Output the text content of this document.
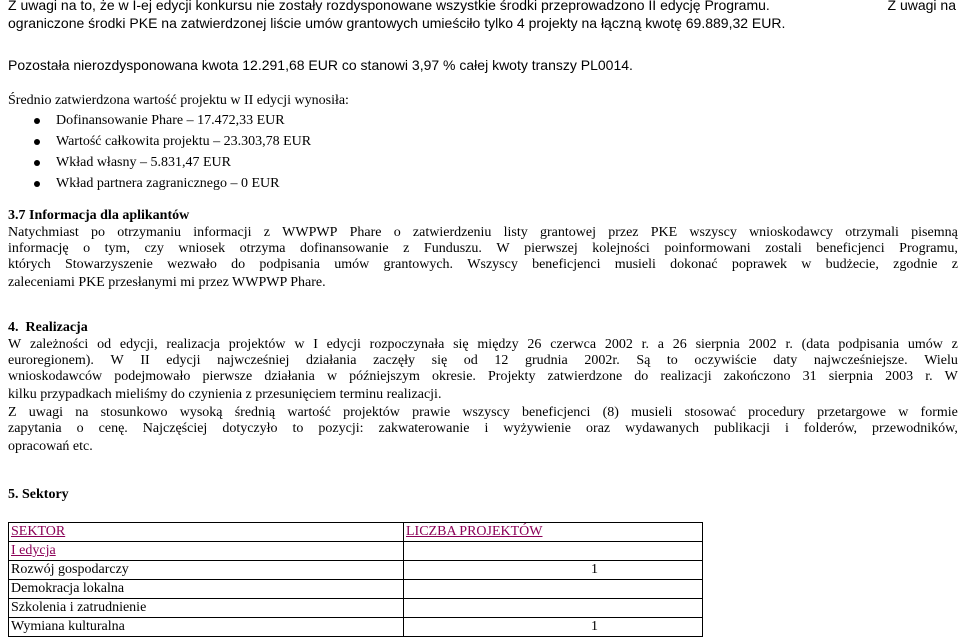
Z uwagi na to, że w I-ej edycji konkursu nie zostały rozdysponowane wszystkie środki przeprowadzono II edycję Programu.	Z uwagi na
ograniczone środki PKE na zatwierdzonej liście umów grantowych umieściło tylko 4 projekty na łączną kwotę 69.889,32 EUR.
Pozostała nierozdysponowana kwota 12.291,68 EUR co stanowi 3,97 % całej kwoty transzy PL0014.
Średnio zatwierdzona wartość projektu w II edycji wynosiła:
Dofinansowanie Phare – 17.472,33 EUR
Wartość całkowita projektu – 23.303,78 EUR
Wkład własny – 5.831,47 EUR
Wkład partnera zagranicznego – 0 EUR
3.7 Informacja dla aplikantów
Natychmiast po otrzymaniu informacji z WWPWP Phare o zatwierdzeniu listy grantowej przez PKE wszyscy wnioskodawcy otrzymali pisemną
informację o tym, czy wniosek otrzyma dofinansowanie z Funduszu. W pierwszej kolejności poinformowani zostali beneficjenci Programu,
których Stowarzyszenie wezwało do podpisania umów grantowych. Wszyscy beneficjenci musieli dokonać poprawek w budżecie, zgodnie z
zaleceniami PKE przesłanymi mi przez WWPWP Phare.
4. Realizacja
W zależności od edycji, realizacja projektów w I edycji rozpoczynała się między 26 czerwca 2002 r. a 26 sierpnia 2002 r. (data podpisania umów z
euroregionem). W II edycji najwcześniej działania zaczęły się od 12 grudnia 2002r. Są to oczywiście daty najwcześniejsze. Wielu
wnioskodawców podejmowało pierwsze działania w późniejszym okresie. Projekty zatwierdzone do realizacji zakończono 31 sierpnia 2003 r. W
kilku przypadkach mieliśmy do czynienia z przesunięciem terminu realizacji.
Z uwagi na stosunkowo wysoką średnią wartość projektów prawie wszyscy beneficjenci (8) musieli stosować procedury przetargowe w formie
zapytania o cenę. Najczęściej dotyczyło to pozycji: zakwaterowanie i wyżywienie oraz wydawanych publikacji i folderów, przewodników,
opracowań etc.
5. Sektory
SEKTOR	LICZBA PROJEKTÓW
I edycja	
Rozwój gospodarczy	1
Demokracja lokalna	
Szkolenia i zatrudnienie	
Wymiana kulturalna	1
